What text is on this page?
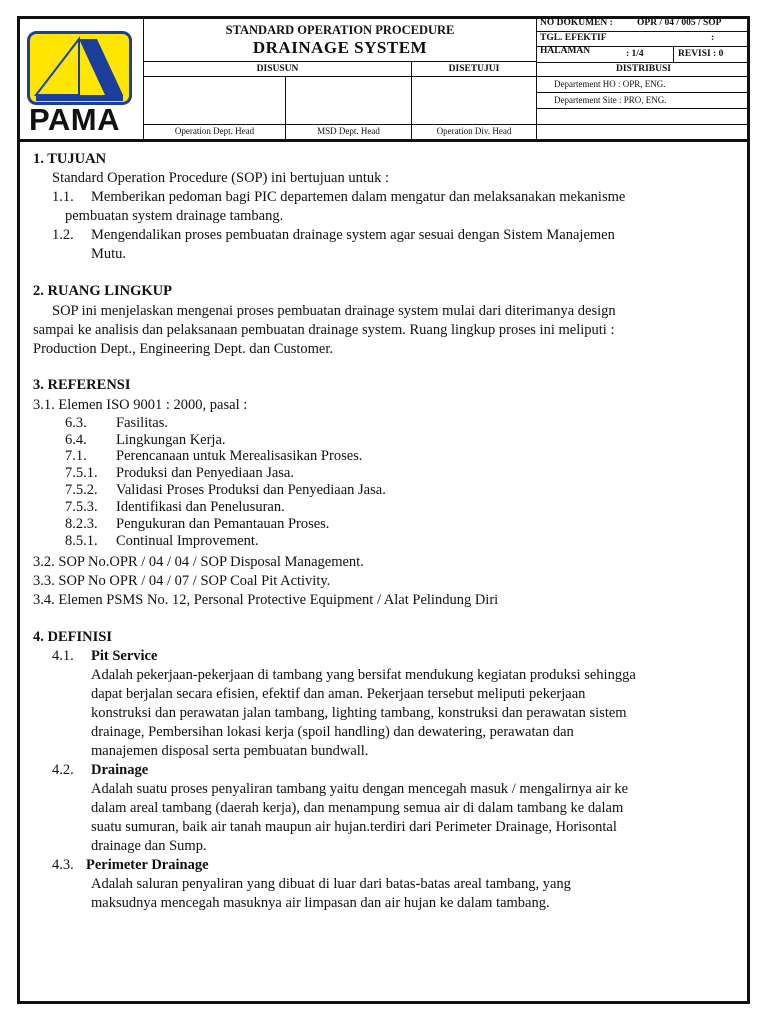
PAMA
STANDARD OPERATION PROCEDURE
DRAINAGE SYSTEM
DISUSUN	DISETUJUI
Operation Dept. Head	MSD Dept. Head	Operation Div. Head
NO DOKUMEN :	OPR / 04 / 005 / SOP
TGL. EFEKTIF	:
HALAMAN	: 1/4	REVISI : 0
DISTRIBUSI
Departement HO : OPR, ENG.
Departement Site : PRO, ENG.
1. TUJUAN
Standard Operation Procedure (SOP) ini bertujuan untuk :
1.1. Memberikan pedoman bagi PIC departemen dalam mengatur dan melaksanakan mekanisme
pembuatan system drainage tambang.
1.2. Mengendalikan proses pembuatan drainage system agar sesuai dengan Sistem Manajemen
Mutu.
2. RUANG LINGKUP
SOP ini menjelaskan mengenai proses pembuatan drainage system mulai dari diterimanya design
sampai ke analisis dan pelaksanaan pembuatan drainage system. Ruang lingkup proses ini meliputi :
Production Dept., Engineering Dept. dan Customer.
3. REFERENSI
3.1. Elemen ISO 9001 : 2000, pasal :
6.3. Fasilitas.
6.4. Lingkungan Kerja.
7.1. Perencanaan untuk Merealisasikan Proses.
7.5.1. Produksi dan Penyediaan Jasa.
7.5.2. Validasi Proses Produksi dan Penyediaan Jasa.
7.5.3. Identifikasi dan Penelusuran.
8.2.3. Pengukuran dan Pemantauan Proses.
8.5.1. Continual Improvement.
3.2. SOP No.OPR / 04 / 04 / SOP Disposal Management.
3.3. SOP No OPR / 04 / 07 / SOP Coal Pit Activity.
3.4. Elemen PSMS No. 12, Personal Protective Equipment / Alat Pelindung Diri
4. DEFINISI
4.1. Pit Service
Adalah pekerjaan-pekerjaan di tambang yang bersifat mendukung kegiatan produksi sehingga
dapat berjalan secara efisien, efektif dan aman. Pekerjaan tersebut meliputi pekerjaan
konstruksi dan perawatan jalan tambang, lighting tambang, konstruksi dan perawatan sistem
drainage, Pembersihan lokasi kerja (spoil handling) dan dewatering, perawatan dan
manajemen disposal serta pembuatan bundwall.
4.2. Drainage
Adalah suatu proses penyaliran tambang yaitu dengan mencegah masuk / mengalirnya air ke
dalam areal tambang (daerah kerja), dan menampung semua air di dalam tambang ke dalam
suatu sumuran, baik air tanah maupun air hujan.terdiri dari Perimeter Drainage, Horisontal
drainage dan Sump.
4.3. Perimeter Drainage
Adalah saluran penyaliran yang dibuat di luar dari batas-batas areal tambang, yang
maksudnya mencegah masuknya air limpasan dan air hujan ke dalam tambang.
